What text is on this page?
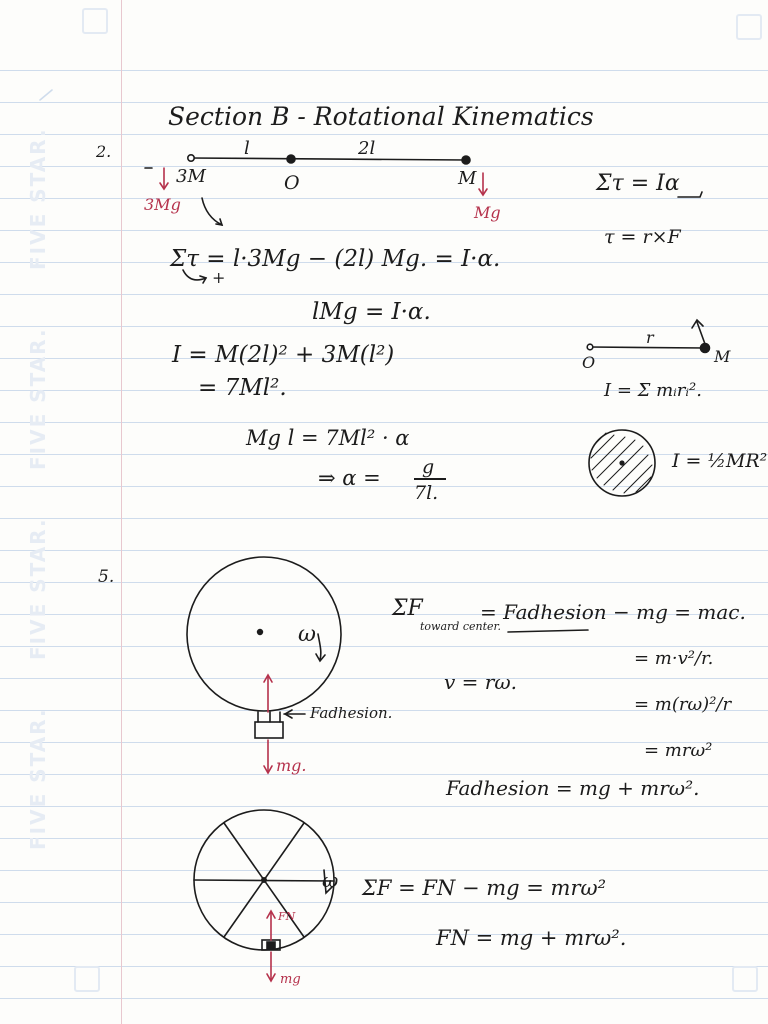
FIVE STAR.
FIVE STAR.
FIVE STAR.
FIVE STAR.
Section B - Rotational Kinematics
2.	l	2l
3M	O	M
3Mg	Mg
Στ = l·3Mg − (2l) Mg. = I·α.
+
lMg = I·α.
I = M(2l)² + 3M(l²)
= 7Ml².
Mg l = 7Ml² · α
⇒ α = g
7l.
Στ = Iα
τ = r×F
O
r
M
I = Σ mᵢrᵢ².
I = ½MR²
5.
ω
Fadhesion.
mg.
ΣF
toward center.
= Fadhesion − mg = mac.
v = rω.
= m·v²/r.
= m(rω)²/r
= mrω²
Fadhesion = mg + mrω².
ω
FN
mg
ΣF = FN − mg = mrω²
FN = mg + mrω².
